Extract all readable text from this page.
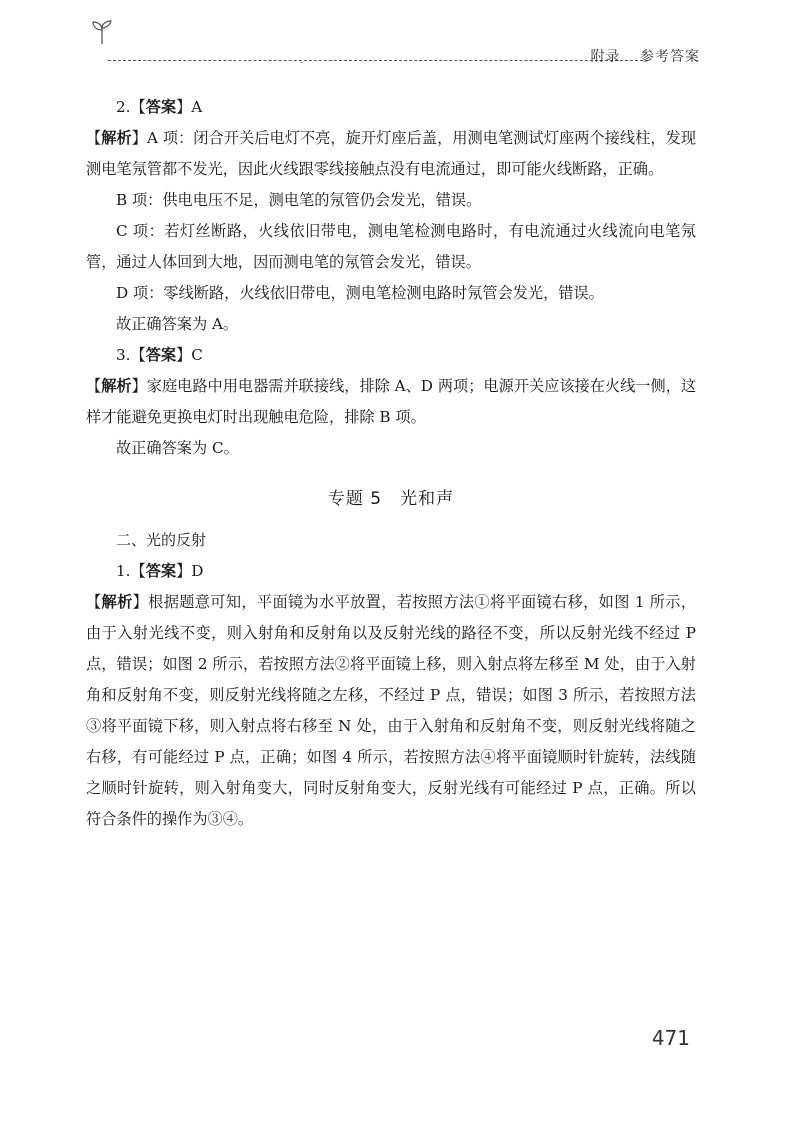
附录 参考答案

2.【答案】A

【解析】A 项：闭合开关后电灯不亮，旋开灯座后盖，用测电笔测试灯座两个接线柱，发现测电笔氖管都不发光，因此火线跟零线接触点没有电流通过，即可能火线断路，正确。

B 项：供电电压不足，测电笔的氖管仍会发光，错误。

C 项：若灯丝断路，火线依旧带电，测电笔检测电路时，有电流通过火线流向电笔氖管，通过人体回到大地，因而测电笔的氖管会发光，错误。

D 项：零线断路，火线依旧带电，测电笔检测电路时氖管会发光，错误。

故正确答案为 A。

3.【答案】C

【解析】家庭电路中用电器需并联接线，排除 A、D 两项；电源开关应该接在火线一侧，这样才能避免更换电灯时出现触电危险，排除 B 项。

故正确答案为 C。

专题 5　光和声

二、光的反射

1.【答案】D

【解析】根据题意可知，平面镜为水平放置，若按照方法①将平面镜右移，如图 1 所示，由于入射光线不变，则入射角和反射角以及反射光线的路径不变，所以反射光线不经过 P 点，错误；如图 2 所示，若按照方法②将平面镜上移，则入射点将左移至 M 处，由于入射角和反射角不变，则反射光线将随之左移，不经过 P 点，错误；如图 3 所示，若按照方法③将平面镜下移，则入射点将右移至 N 处，由于入射角和反射角不变，则反射光线将随之右移，有可能经过 P 点，正确；如图 4 所示，若按照方法④将平面镜顺时针旋转，法线随之顺时针旋转，则入射角变大，同时反射角变大，反射光线有可能经过 P 点，正确。所以符合条件的操作为③④。

471
